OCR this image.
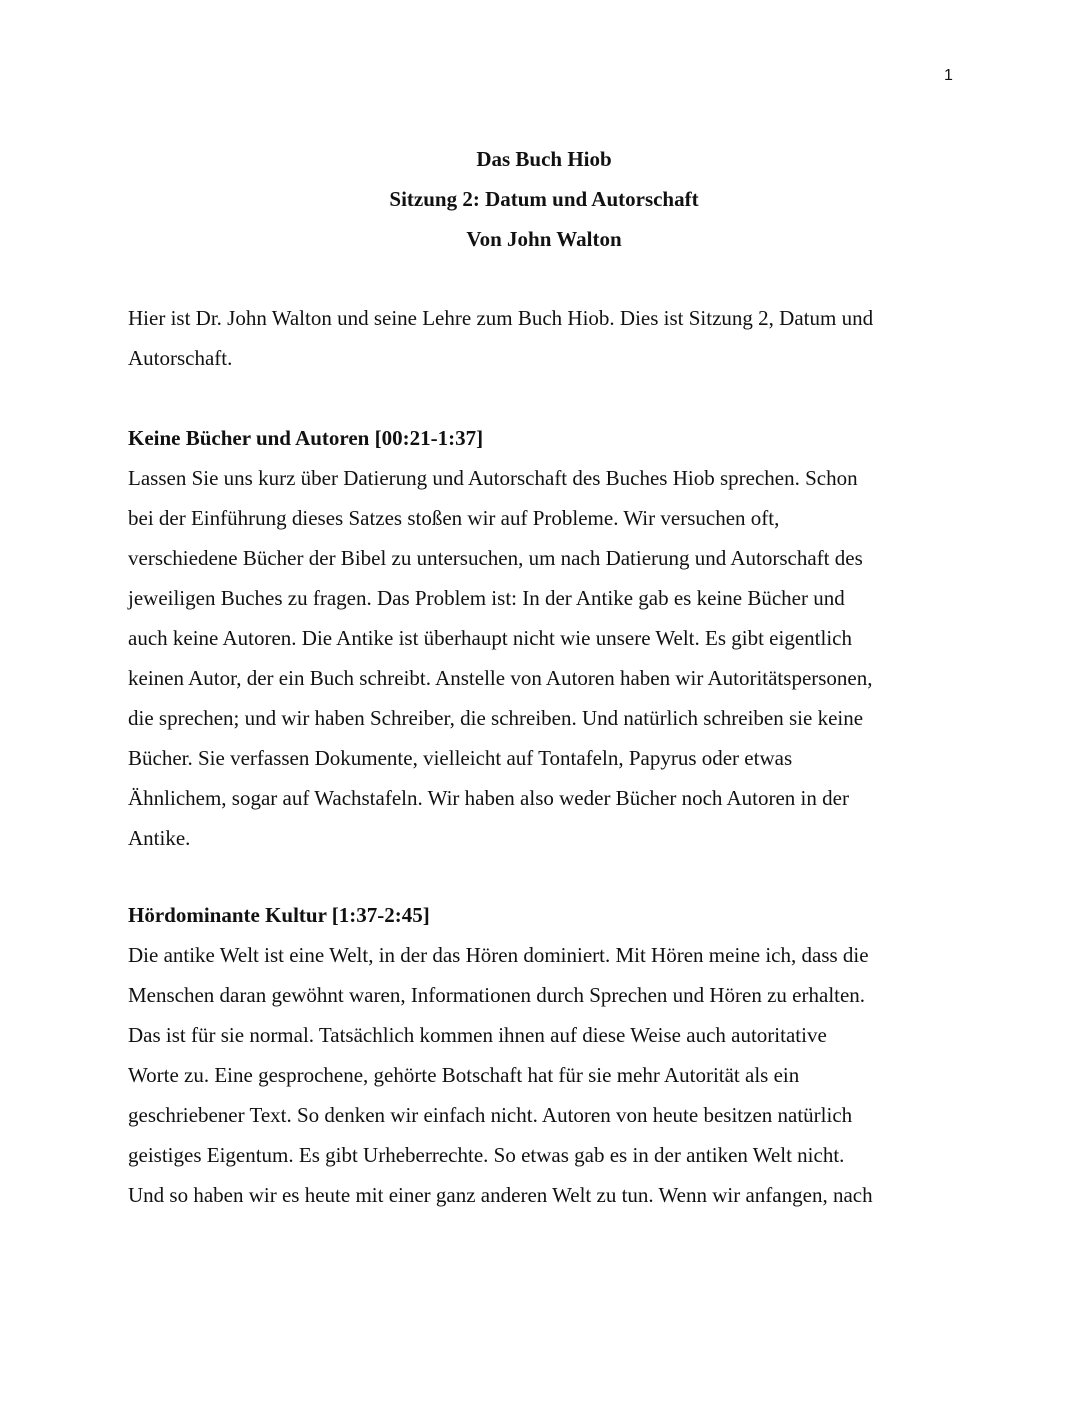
1
Das Buch Hiob
Sitzung 2: Datum und Autorschaft
Von John Walton
Hier ist Dr. John Walton und seine Lehre zum Buch Hiob. Dies ist Sitzung 2, Datum und
Autorschaft.
Keine Bücher und Autoren [00:21-1:37]
Lassen Sie uns kurz über Datierung und Autorschaft des Buches Hiob sprechen. Schon
bei der Einführung dieses Satzes stoßen wir auf Probleme. Wir versuchen oft,
verschiedene Bücher der Bibel zu untersuchen, um nach Datierung und Autorschaft des
jeweiligen Buches zu fragen. Das Problem ist: In der Antike gab es keine Bücher und
auch keine Autoren. Die Antike ist überhaupt nicht wie unsere Welt. Es gibt eigentlich
keinen Autor, der ein Buch schreibt. Anstelle von Autoren haben wir Autoritätspersonen,
die sprechen; und wir haben Schreiber, die schreiben. Und natürlich schreiben sie keine
Bücher. Sie verfassen Dokumente, vielleicht auf Tontafeln, Papyrus oder etwas
Ähnlichem, sogar auf Wachstafeln. Wir haben also weder Bücher noch Autoren in der
Antike.
Hördominante Kultur [1:37-2:45]
Die antike Welt ist eine Welt, in der das Hören dominiert. Mit Hören meine ich, dass die
Menschen daran gewöhnt waren, Informationen durch Sprechen und Hören zu erhalten.
Das ist für sie normal. Tatsächlich kommen ihnen auf diese Weise auch autoritative
Worte zu. Eine gesprochene, gehörte Botschaft hat für sie mehr Autorität als ein
geschriebener Text. So denken wir einfach nicht. Autoren von heute besitzen natürlich
geistiges Eigentum. Es gibt Urheberrechte. So etwas gab es in der antiken Welt nicht.
Und so haben wir es heute mit einer ganz anderen Welt zu tun. Wenn wir anfangen, nach
